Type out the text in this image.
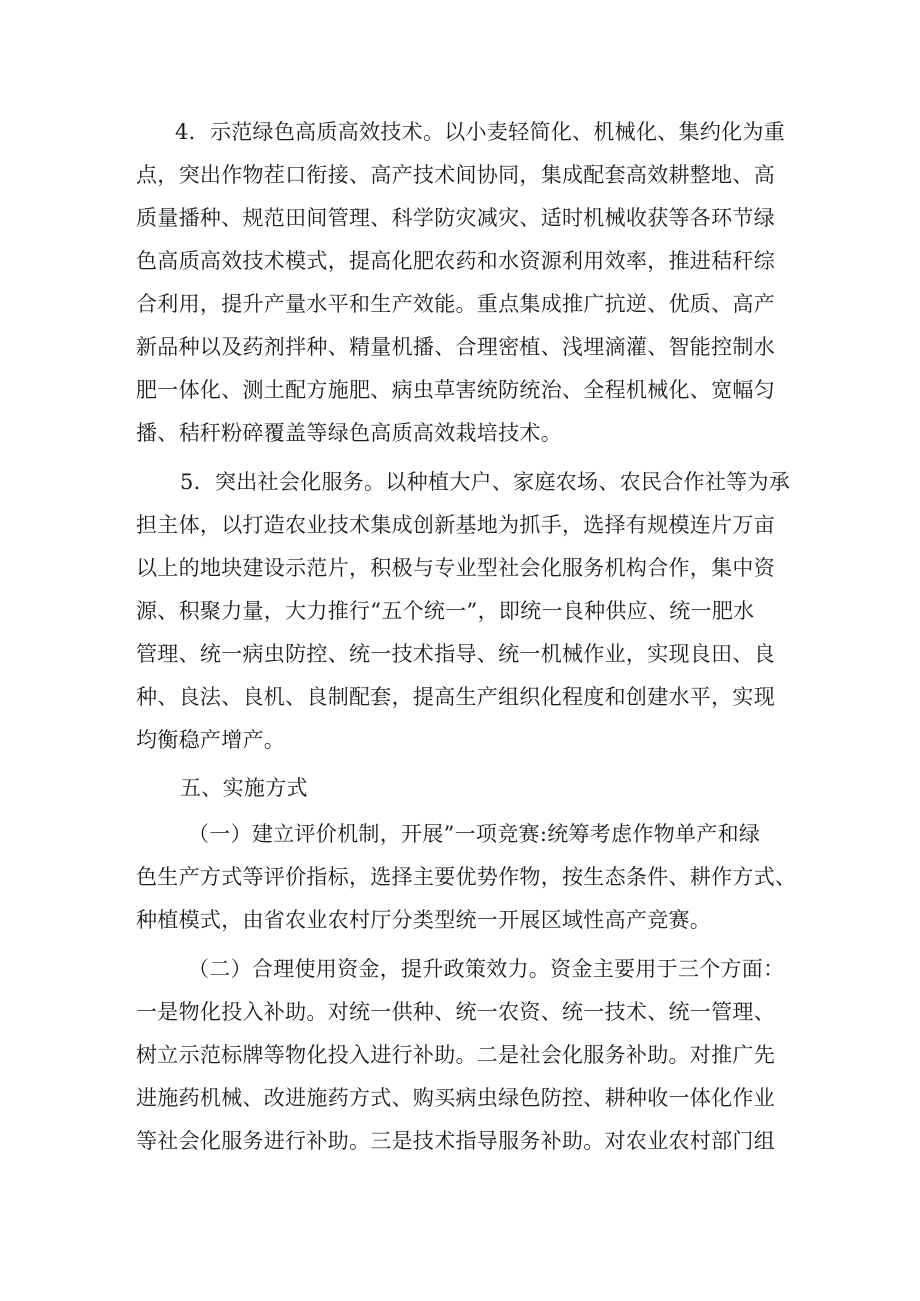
4．示范绿色高质高效技术。以小麦轻简化、机械化、集约化为重
点，突出作物茬口衔接、高产技术间协同，集成配套高效耕整地、高
质量播种、规范田间管理、科学防灾减灾、适时机械收获等各环节绿
色高质高效技术模式，提高化肥农药和水资源利用效率，推进秸秆综
合利用，提升产量水平和生产效能。重点集成推广抗逆、优质、高产
新品种以及药剂拌种、精量机播、合理密植、浅埋滴灌、智能控制水
肥一体化、测土配方施肥、病虫草害统防统治、全程机械化、宽幅匀
播、秸秆粉碎覆盖等绿色高质高效栽培技术。
5．突出社会化服务。以种植大户、家庭农场、农民合作社等为承
担主体，以打造农业技术集成创新基地为抓手，选择有规模连片万亩
以上的地块建设示范片，积极与专业型社会化服务机构合作，集中资
源、积聚力量，大力推行“五个统一”，即统一良种供应、统一肥水
管理、统一病虫防控、统一技术指导、统一机械作业，实现良田、良
种、良法、良机、良制配套，提高生产组织化程度和创建水平，实现
均衡稳产增产。
五、实施方式
（一）建立评价机制，开展”一项竞赛:统筹考虑作物单产和绿
色生产方式等评价指标，选择主要优势作物，按生态条件、耕作方式、
种植模式，由省农业农村厅分类型统一开展区域性高产竞赛。
（二）合理使用资金，提升政策效力。资金主要用于三个方面：
一是物化投入补助。对统一供种、统一农资、统一技术、统一管理、
树立示范标牌等物化投入进行补助。二是社会化服务补助。对推广先
进施药机械、改进施药方式、购买病虫绿色防控、耕种收一体化作业
等社会化服务进行补助。三是技术指导服务补助。对农业农村部门组
